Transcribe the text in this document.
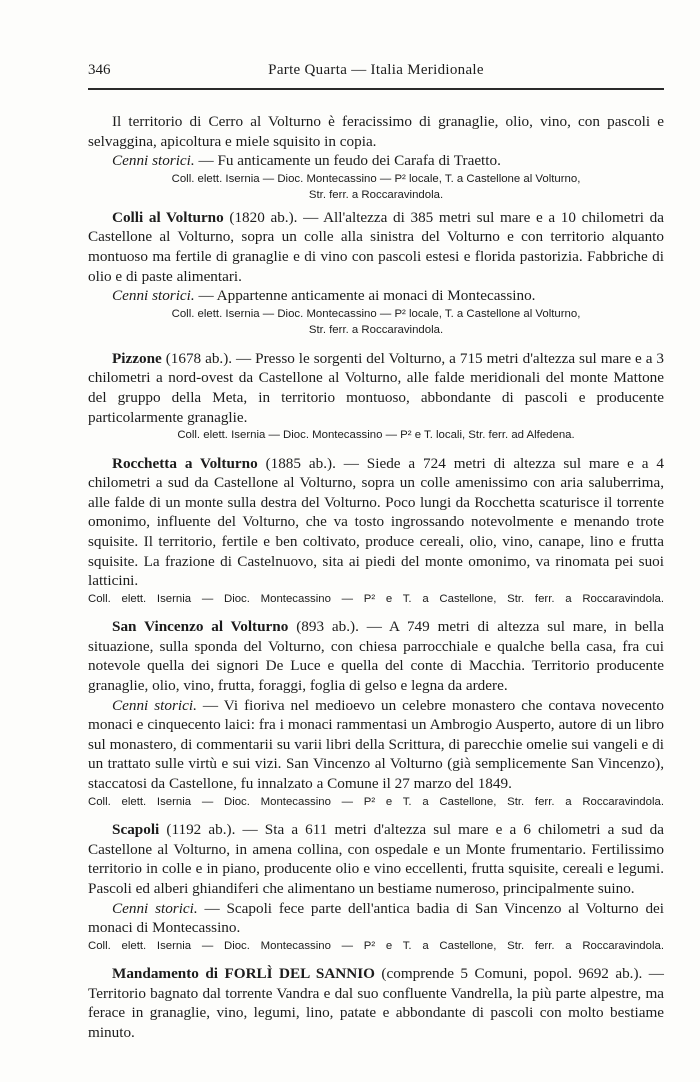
346	Parte Quarta — Italia Meridionale

Il territorio di Cerro al Volturno è feracissimo di granaglie, olio, vino, con pascoli e selvaggina, apicoltura e miele squisito in copia.

Cenni storici. — Fu anticamente un feudo dei Carafa di Traetto.

Coll. elett. Isernia — Dioc. Montecassino — P² locale, T. a Castellone al Volturno,

Str. ferr. a Roccaravindola.

Colli al Volturno (1820 ab.). — All'altezza di 385 metri sul mare e a 10 chilometri da Castellone al Volturno, sopra un colle alla sinistra del Volturno e con territorio alquanto montuoso ma fertile di granaglie e di vino con pascoli estesi e florida pastorizia. Fabbriche di olio e di paste alimentari.

Cenni storici. — Appartenne anticamente ai monaci di Montecassino.

Coll. elett. Isernia — Dioc. Montecassino — P² locale, T. a Castellone al Volturno,

Str. ferr. a Roccaravindola.

Pizzone (1678 ab.). — Presso le sorgenti del Volturno, a 715 metri d'altezza sul mare e a 3 chilometri a nord-ovest da Castellone al Volturno, alle falde meridionali del monte Mattone del gruppo della Meta, in territorio montuoso, abbondante di pascoli e producente particolarmente granaglie.

Coll. elett. Isernia — Dioc. Montecassino — P² e T. locali, Str. ferr. ad Alfedena.

Rocchetta a Volturno (1885 ab.). — Siede a 724 metri di altezza sul mare e a 4 chilometri a sud da Castellone al Volturno, sopra un colle amenissimo con aria saluberrima, alle falde di un monte sulla destra del Volturno. Poco lungi da Rocchetta scaturisce il torrente omonimo, influente del Volturno, che va tosto ingrossando notevolmente e menando trote squisite. Il territorio, fertile e ben coltivato, produce cereali, olio, vino, canape, lino e frutta squisite. La frazione di Castelnuovo, sita ai piedi del monte omonimo, va rinomata pei suoi latticini.

Coll. elett. Isernia — Dioc. Montecassino — P² e T. a Castellone, Str. ferr. a Roccaravindola.

San Vincenzo al Volturno (893 ab.). — A 749 metri di altezza sul mare, in bella situazione, sulla sponda del Volturno, con chiesa parrocchiale e qualche bella casa, fra cui notevole quella dei signori De Luce e quella del conte di Macchia. Territorio producente granaglie, olio, vino, frutta, foraggi, foglia di gelso e legna da ardere.

Cenni storici. — Vi fioriva nel medioevo un celebre monastero che contava novecento monaci e cinquecento laici: fra i monaci rammentasi un Ambrogio Ausperto, autore di un libro sul monastero, di commentarii su varii libri della Scrittura, di parecchie omelie sui vangeli e di un trattato sulle virtù e sui vizi. San Vincenzo al Volturno (già semplicemente San Vincenzo), staccatosi da Castellone, fu innalzato a Comune il 27 marzo del 1849.

Coll. elett. Isernia — Dioc. Montecassino — P² e T. a Castellone, Str. ferr. a Roccaravindola.

Scapoli (1192 ab.). — Sta a 611 metri d'altezza sul mare e a 6 chilometri a sud da Castellone al Volturno, in amena collina, con ospedale e un Monte frumentario. Fertilissimo territorio in colle e in piano, producente olio e vino eccellenti, frutta squisite, cereali e legumi. Pascoli ed alberi ghiandiferi che alimentano un bestiame numeroso, principalmente suino.

Cenni storici. — Scapoli fece parte dell'antica badia di San Vincenzo al Volturno dei monaci di Montecassino.

Coll. elett. Isernia — Dioc. Montecassino — P² e T. a Castellone, Str. ferr. a Roccaravindola.

Mandamento di FORLÌ DEL SANNIO (comprende 5 Comuni, popol. 9692 ab.). — Territorio bagnato dal torrente Vandra e dal suo confluente Vandrella, la più parte alpestre, ma ferace in granaglie, vino, legumi, lino, patate e abbondante di pascoli con molto bestiame minuto.
